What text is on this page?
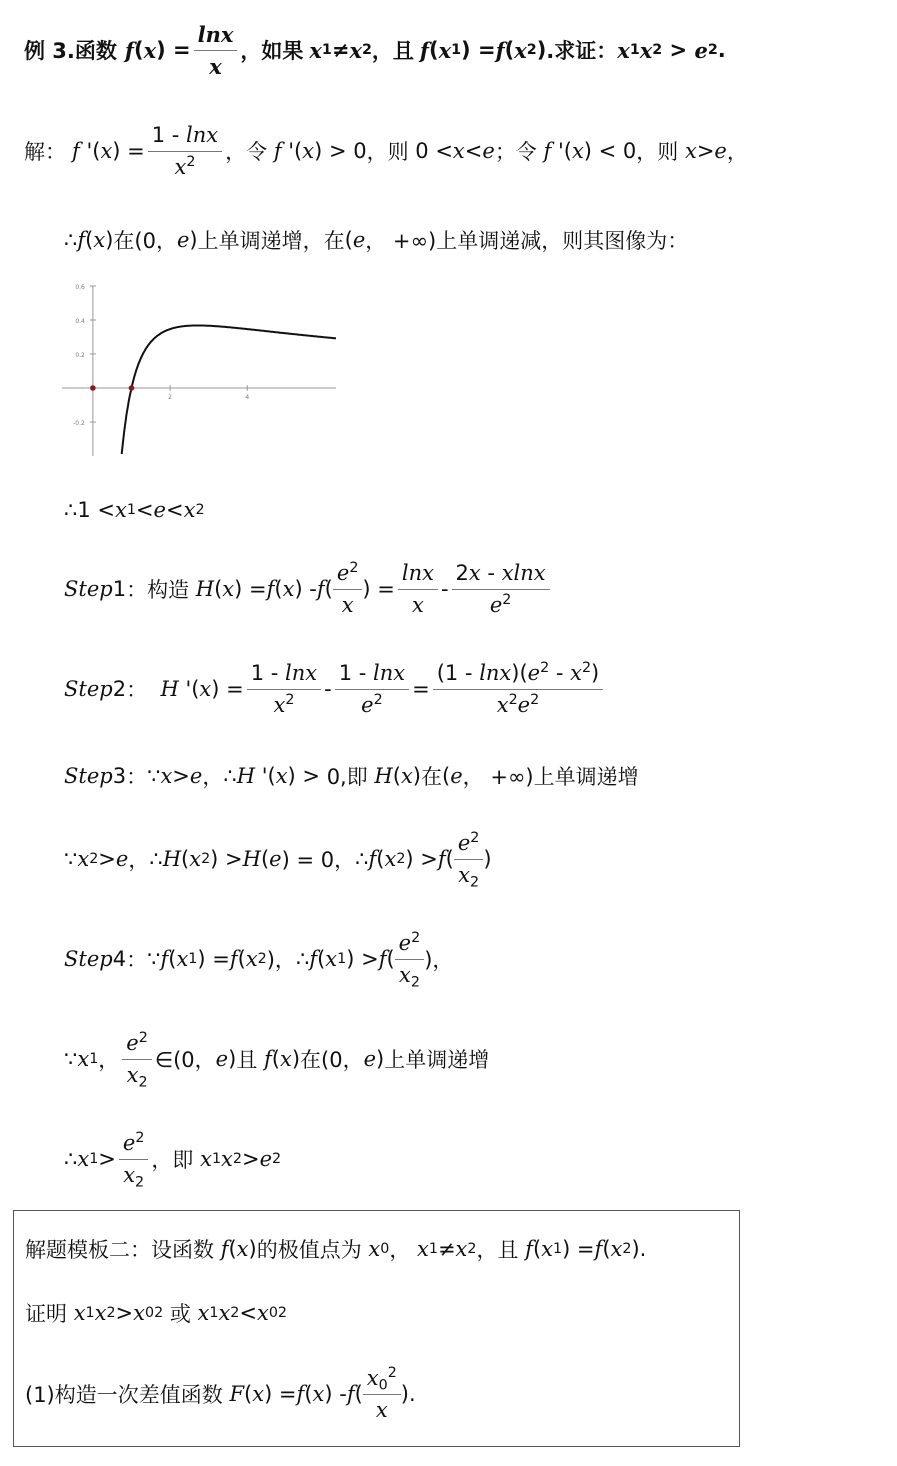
例 3.函数 f ( x ) = $\frac{\ln x}{x}$ ，如果 x 1 ≠ x 2 ，且 f ( x 1 ) = f ( x 2 ) .求证： x 1 x 2 > e 2 .
解： f '( x ) = $\frac{1 - \ln x}{x^2}$ ，令
f '( x ) > 0 ，则 0 < x < e ；令
f '( x ) < 0 ，则
x > e ，
∴ f ( x ) 在 (0， e ) 上单调递增，在 ( e ， +∞) 上单调递减，则其图像为：
0.6
0.4
0.2
-0.2
2	4
∴ 1 < x 1 < e < x 2
Step 1 ：构造
H ( x ) = f ( x ) - f ( $\frac{e^2}{x}$ ) = $\frac{\ln x}{x} - \frac{2x - xlnx}{e^2}$
Step 2 ： H '( x ) = $\frac{1 - \ln x}{x^2} - \frac{1 - \ln x}{e^2} = \frac{(1 - \ln x)(e^2 - x^2)}{x^2e^2}$
Step 3 ： ∵ x > e ， ∴ H '( x ) > 0,即
H ( x ) 在 ( e ， +∞) 上单调递增
∵ x 2 > e ， ∴ H ( x 2 ) > H ( e ) = 0， ∴ f ( x 2 ) > f ( $\frac{e^2}{x_2}$ )
Step 4 ： ∵ f ( x 1 ) = f ( x 2 )， ∴ f ( x 1 ) > f ( $\frac{e^2}{x_2}$ )，
∵ x 1 ， $\frac{e^2}{x_2}$ ∈(0， e ) 且
f ( x ) 在 (0， e ) 上单调递增
∴ x $1 > \frac{e^2}{x_2}$ ，即
x 1 x 2 > e 2
解题模板二：设函数
f ( x ) 的极值点为
x 0 ， x 1 ≠ x 2 ， 且
f ( x 1 ) = f ( x 2 ).
证明
x 1 x 2 > x 0 2
或
x 1 x 2 < x 0 2
(1)构造一次差值函数
F ( x ) = f ( x ) - f ( $\frac{x_0^2}{x}$ ).
